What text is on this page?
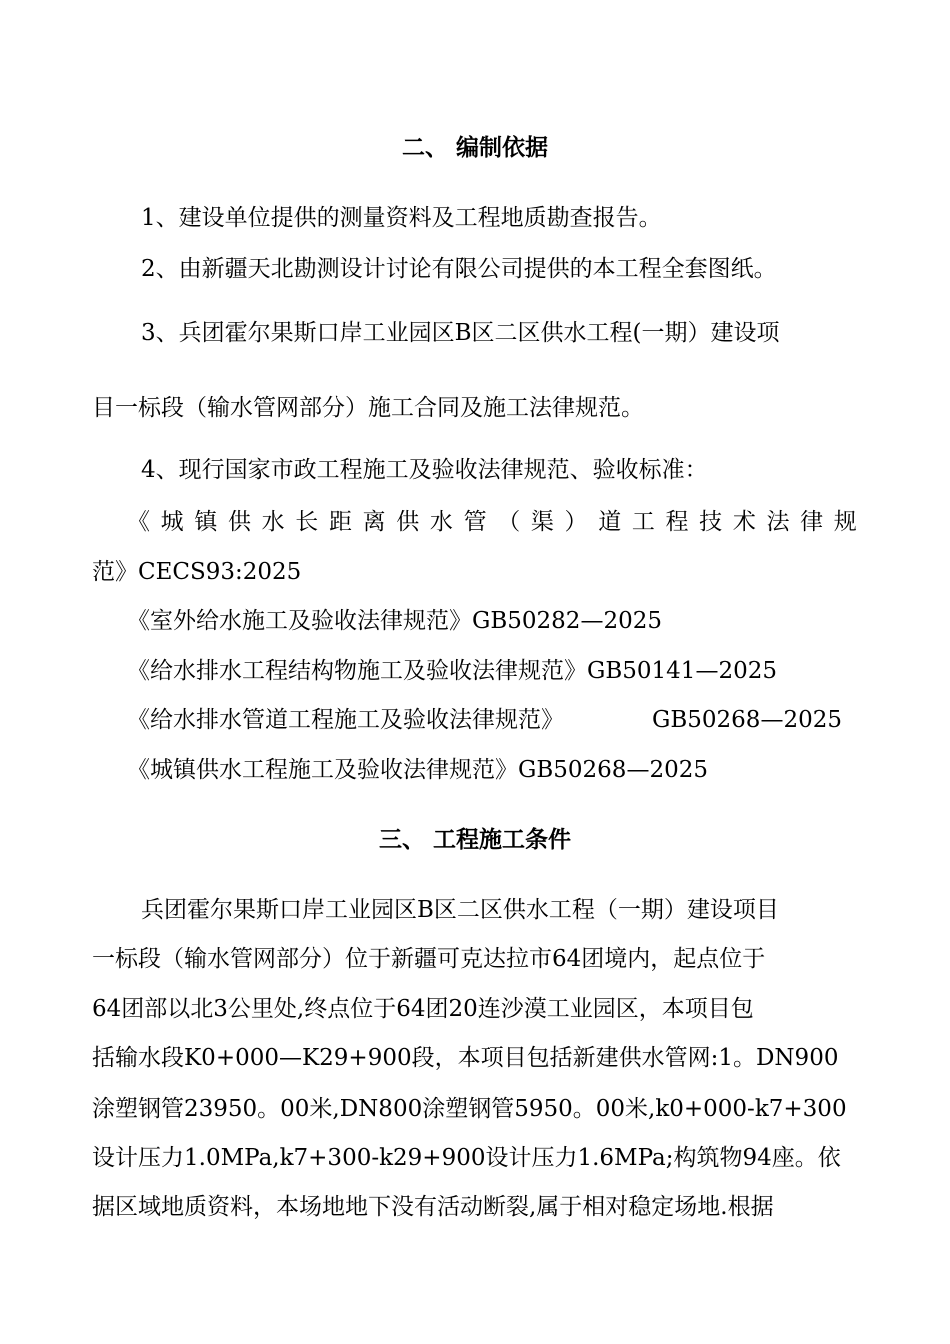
二、 编制依据
1、建设单位提供的测量资料及工程地质勘查报告。
2、由新疆天北勘测设计讨论有限公司提供的本工程全套图纸。
3、兵团霍尔果斯口岸工业园区B区二区供水工程(一期）建设项
目一标段（输水管网部分）施工合同及施工法律规范。
4、现行国家市政工程施工及验收法律规范、验收标准：
《 城 镇 供 水 长 距 离 供 水 管 （ 渠 ） 道 工 程 技 术 法 律 规
范》CECS93:2025
《室外给水施工及验收法律规范》GB50282—2025
《给水排水工程结构物施工及验收法律规范》GB50141—2025
《给水排水管道工程施工及验收法律规范》	GB50268—2025
《城镇供水工程施工及验收法律规范》GB50268—2025
三、 工程施工条件
兵团霍尔果斯口岸工业园区B区二区供水工程（一期）建设项目
一标段（输水管网部分）位于新疆可克达拉市64团境内，起点位于
64团部以北3公里处,终点位于64团20连沙漠工业园区，本项目包
括输水段K0+000—K29+900段，本项目包括新建供水管网:1。DN900
涂塑钢管23950。00米,DN800涂塑钢管5950。00米,k0+000-k7+300
设计压力1.0MPa,k7+300-k29+900设计压力1.6MPa;构筑物94座。依
据区域地质资料，本场地地下没有活动断裂,属于相对稳定场地.根据
